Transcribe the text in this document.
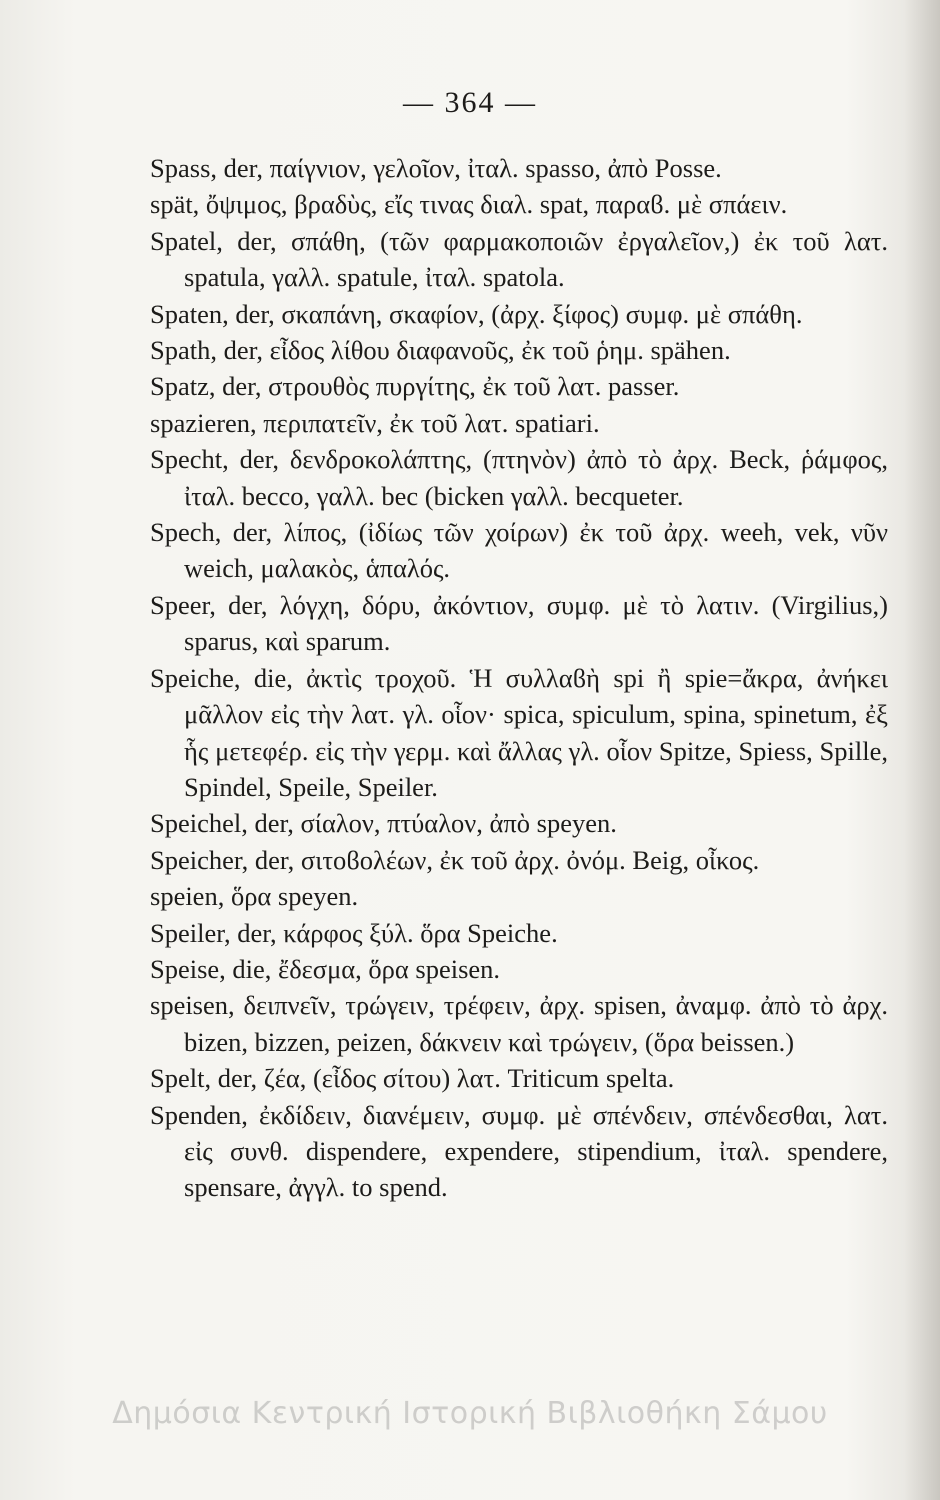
— 364 —

Spass, der, παίγνιον, γελοῖον, ἰταλ. spasso, ἀπὸ Posse.

spät, ὄψιμος, βραδὺς, εἴς τινας διαλ. spat, παραϐ. μὲ σπάειν.

Spatel, der, σπάθη, (τῶν φαρμακοποιῶν ἐργαλεῖον,) ἐκ τοῦ λατ. spatula, γαλλ. spatule, ἰταλ. spatola.

Spaten, der, σκαπάνη, σκαφίον, (ἀρχ. ξίφος) συμφ. μὲ σπάθη.

Spath, der, εἶδος λίθου διαφανοῦς, ἐκ τοῦ ῥημ. spähen.

Spatz, der, στρουθὸς πυργίτης, ἐκ τοῦ λατ. passer.

spazieren, περιπατεῖν, ἐκ τοῦ λατ. spatiari.

Specht, der, δενδροκολάπτης, (πτηνὸν) ἀπὸ τὸ ἀρχ. Beck, ῥάμφος, ἰταλ. becco, γαλλ. bec (bicken γαλλ. becqueter.

Spech, der, λίπος, (ἰδίως τῶν χοίρων) ἐκ τοῦ ἀρχ. weeh, vek, νῦν weich, μαλακὸς, ἁπαλός.

Speer, der, λόγχη, δόρυ, ἀκόντιον, συμφ. μὲ τὸ λατιν. (Virgilius,) sparus, καὶ sparum.

Speiche, die, ἀκτὶς τροχοῦ. Ἡ συλλαϐὴ spi ἢ spie=ἄκρα, ἀνήκει μᾶλλον εἰς τὴν λατ. γλ. οἷον· spica, spiculum, spina, spinetum, ἐξ ἧς μετεφέρ. εἰς τὴν γερμ. καὶ ἄλλας γλ. οἷον Spitze, Spiess, Spille, Spindel, Speile, Speiler.

Speichel, der, σίαλον, πτύαλον, ἀπὸ speyen.

Speicher, der, σιτοϐολέων, ἐκ τοῦ ἀρχ. ὀνόμ. Beig, οἶκος.

speien, ὅρα speyen.

Speiler, der, κάρφος ξύλ. ὅρα Speiche.

Speise, die, ἔδεσμα, ὅρα speisen.

speisen, δειπνεῖν, τρώγειν, τρέφειν, ἀρχ. spisen, ἀναμφ. ἀπὸ τὸ ἀρχ. bizen, bizzen, peizen, δάκνειν καὶ τρώγειν, (ὅρα beissen.)

Spelt, der, ζέα, (εἶδος σίτου) λατ. Triticum spelta.

Spenden, ἐκδίδειν, διανέμειν, συμφ. μὲ σπένδειν, σπένδεσθαι, λατ. εἰς συνθ. dispendere, expendere, stipendium, ἰταλ. spendere, spensare, ἀγγλ. to spend.

Δημόσια Κεντρική Ιστορική Βιβλιοθήκη Σάμου
